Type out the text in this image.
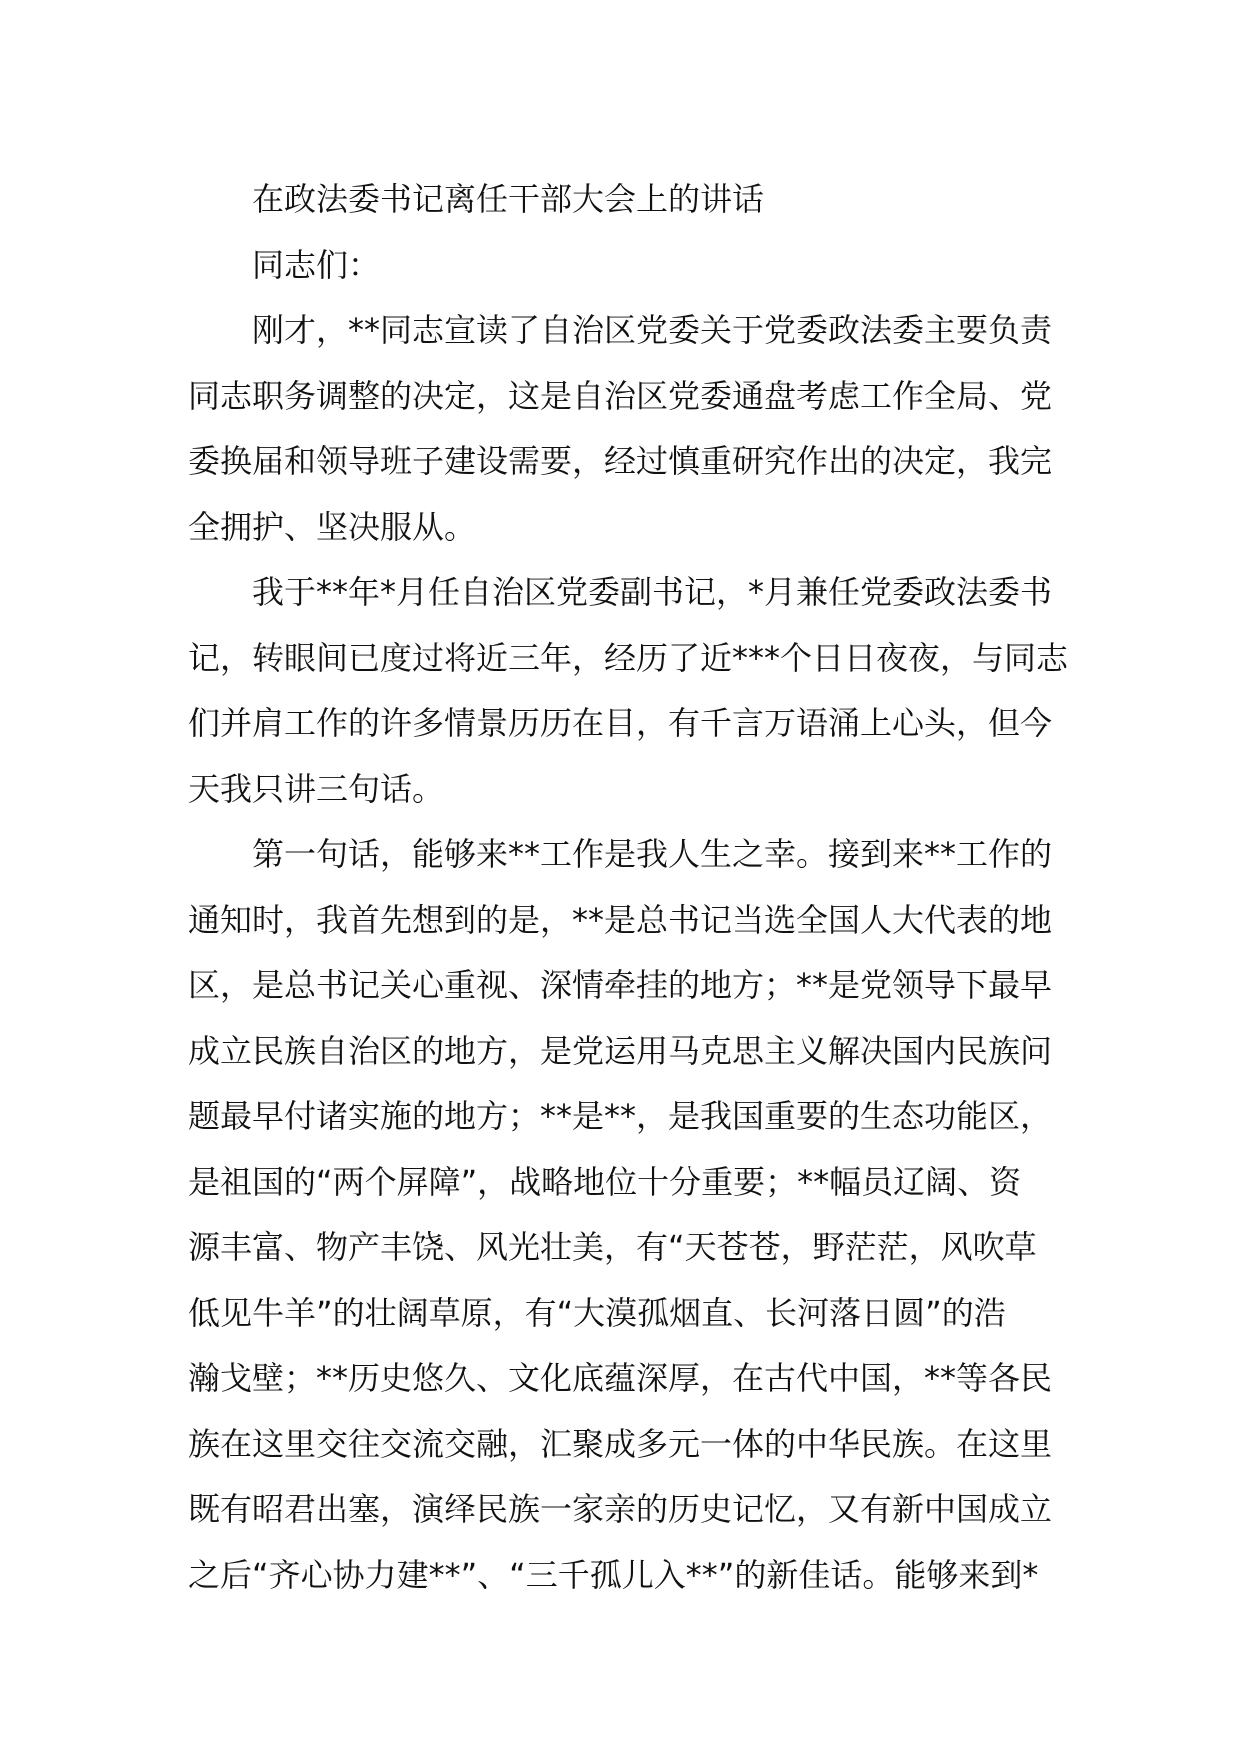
在政法委书记离任干部大会上的讲话
同志们：
刚才，**同志宣读了自治区党委关于党委政法委主要负责
同志职务调整的决定，这是自治区党委通盘考虑工作全局、党
委换届和领导班子建设需要，经过慎重研究作出的决定，我完
全拥护、坚决服从。
我于**年*月任自治区党委副书记，*月兼任党委政法委书
记，转眼间已度过将近三年，经历了近***个日日夜夜，与同志
们并肩工作的许多情景历历在目，有千言万语涌上心头，但今
天我只讲三句话。
第一句话，能够来**工作是我人生之幸。接到来**工作的
通知时，我首先想到的是，**是总书记当选全国人大代表的地
区，是总书记关心重视、深情牵挂的地方；**是党领导下最早
成立民族自治区的地方，是党运用马克思主义解决国内民族问
题最早付诸实施的地方；**是**，是我国重要的生态功能区，
是祖国的“两个屏障”，战略地位十分重要；**幅员辽阔、资
源丰富、物产丰饶、风光壮美，有“天苍苍，野茫茫，风吹草
低见牛羊”的壮阔草原，有“大漠孤烟直、长河落日圆”的浩
瀚戈壁；**历史悠久、文化底蕴深厚，在古代中国，**等各民
族在这里交往交流交融，汇聚成多元一体的中华民族。在这里
既有昭君出塞，演绎民族一家亲的历史记忆，又有新中国成立
之后“齐心协力建**”、“三千孤儿入**”的新佳话。能够来到*
